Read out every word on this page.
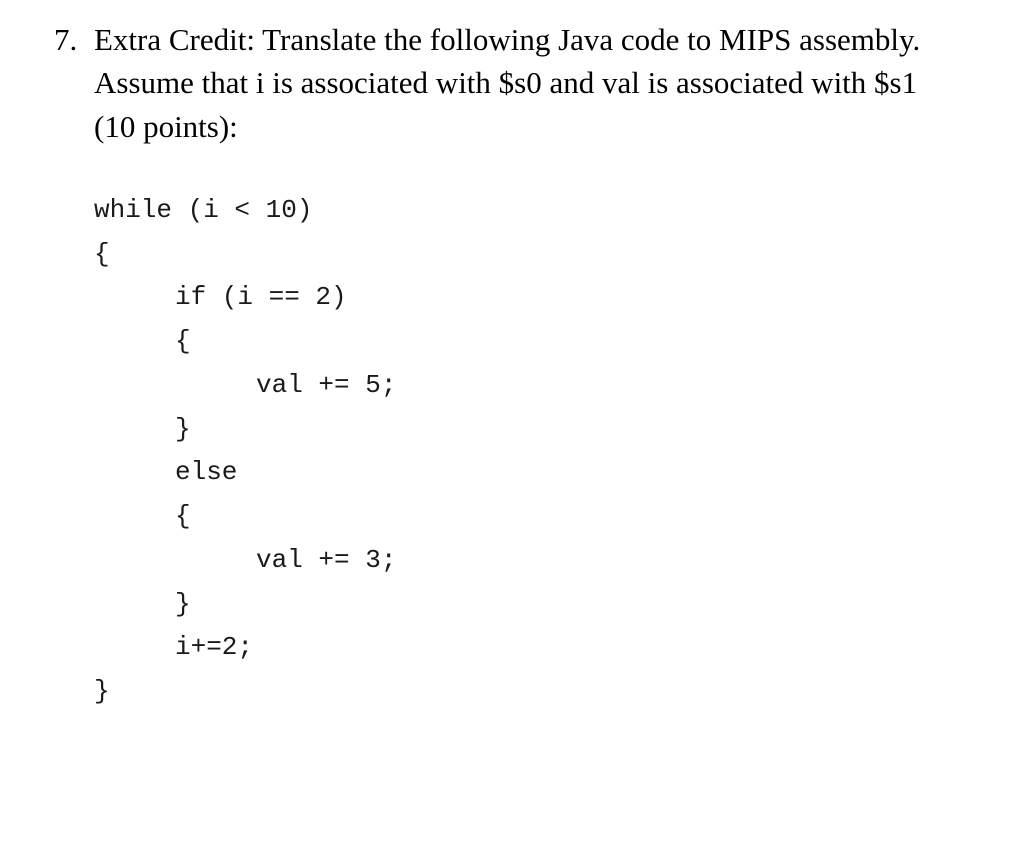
7. Extra Credit: Translate the following Java code to MIPS assembly.
Assume that i is associated with $s0 and val is associated with $s1
(10 points):
while (i < 10)
{
if (i == 2)
{
val += 5;
}
else
{
val += 3;
}
i+=2;
}
